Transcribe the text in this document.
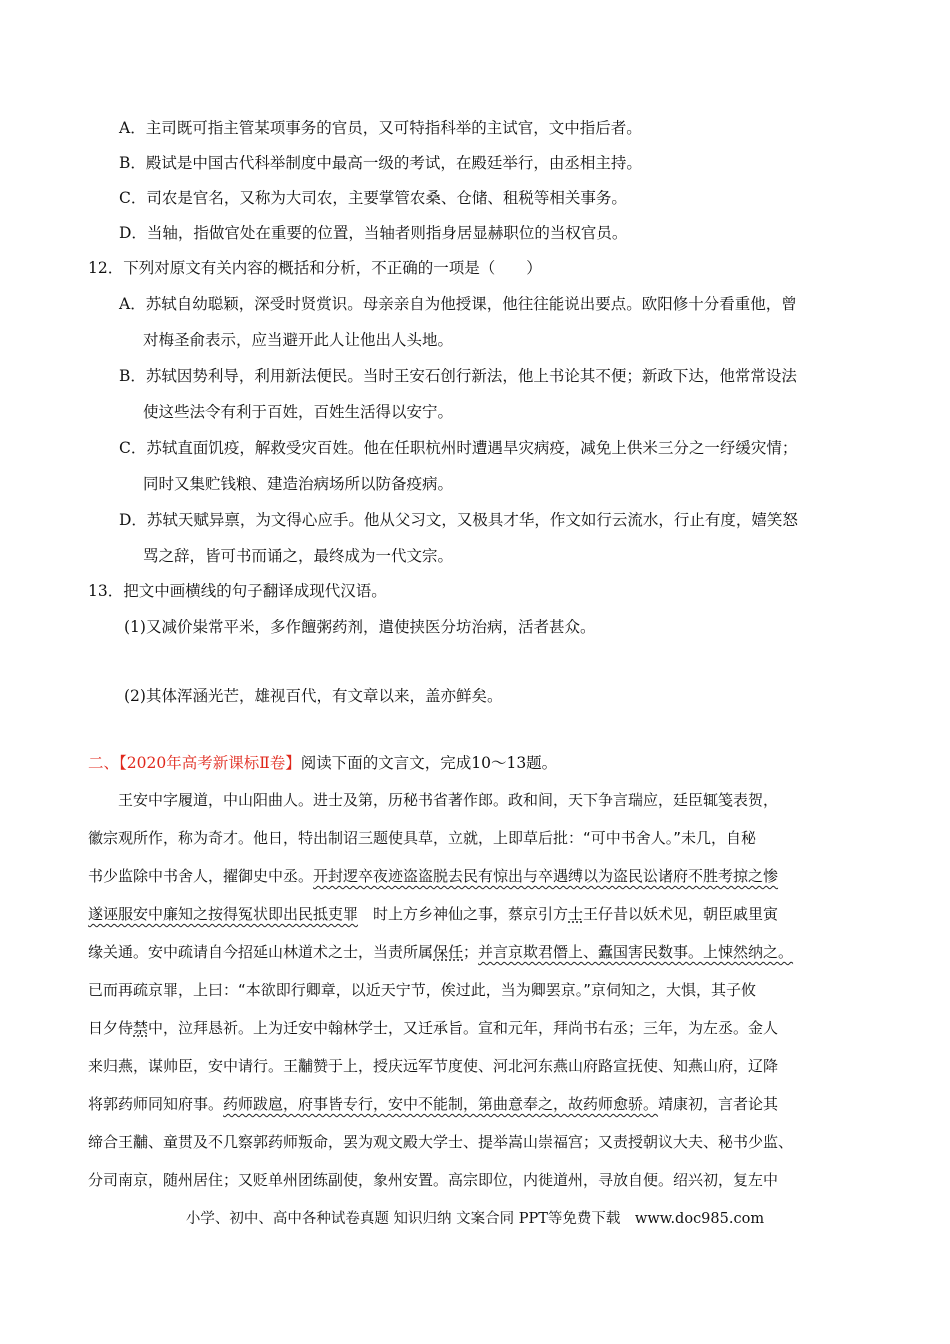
A．主司既可指主管某项事务的官员，又可特指科举的主试官，文中指后者。
B．殿试是中国古代科举制度中最高一级的考试，在殿廷举行，由丞相主持。
C．司农是官名，又称为大司农，主要掌管农桑、仓储、租税等相关事务。
D．当轴，指做官处在重要的位置，当轴者则指身居显赫职位的当权官员。
12．下列对原文有关内容的概括和分析，不正确的一项是（　　）
A．苏轼自幼聪颖，深受时贤赏识。母亲亲自为他授课，他往往能说出要点。欧阳修十分看重他，曾
对梅圣俞表示，应当避开此人让他出人头地。
B．苏轼因势利导，利用新法便民。当时王安石创行新法，他上书论其不便；新政下达，他常常设法
使这些法令有利于百姓，百姓生活得以安宁。
C．苏轼直面饥疫，解救受灾百姓。他在任职杭州时遭遇旱灾病疫，减免上供米三分之一纾缓灾情；
同时又集贮钱粮、建造治病场所以防备疫病。
D．苏轼天赋异禀，为文得心应手。他从父习文，又极具才华，作文如行云流水，行止有度，嬉笑怒
骂之辞，皆可书而诵之，最终成为一代文宗。
13．把文中画横线的句子翻译成现代汉语。
(1)又减价粜常平米，多作饘粥药剂，遣使挟医分坊治病，活者甚众。
(2)其体浑涵光芒，雄视百代，有文章以来，盖亦鲜矣。
二、【2020年高考新课标Ⅱ卷】阅读下面的文言文，完成10～13题。
王安中字履道，中山阳曲人。进士及第，历秘书省著作郎。政和间，天下争言瑞应，廷臣辄笺表贺，
徽宗观所作，称为奇才。他日，特出制诏三题使具草，立就，上即草后批：“可中书舍人。”未几，自秘
书少监除中书舍人，擢御史中丞。开封逻卒夜迹盗盗脱去民有惊出与卒遇缚以为盗民讼诸府不胜考掠之惨
遂诬服安中廉知之按得冤状即出民抵吏罪　时上方乡神仙之事，蔡京引方士王仔昔以妖术见，朝臣戚里寅
缘关通。安中疏请自今招延山林道术之士，当责所属保任；并言京欺君僭上、蠹国害民数事。上悚然纳之。
已而再疏京罪，上曰：“本欲即行卿章，以近天宁节，俟过此，当为卿罢京。”京伺知之，大惧，其子攸
日夕侍禁中，泣拜恳祈。上为迁安中翰林学士，又迁承旨。宣和元年，拜尚书右丞；三年，为左丞。金人
来归燕，谋帅臣，安中请行。王黼赞于上，授庆远军节度使、河北河东燕山府路宣抚使、知燕山府，辽降
将郭药师同知府事。药师跋扈，府事皆专行，安中不能制，第曲意奉之，故药师愈骄。靖康初，言者论其
缔合王黼、童贯及不几察郭药师叛命，罢为观文殿大学士、提举嵩山崇福宫；又责授朝议大夫、秘书少监、
分司南京，随州居住；又贬单州团练副使，象州安置。高宗即位，内徙道州，寻放自便。绍兴初，复左中
小学、初中、高中各种试卷真题 知识归纳 文案合同 PPT等免费下载　www.doc985.com
